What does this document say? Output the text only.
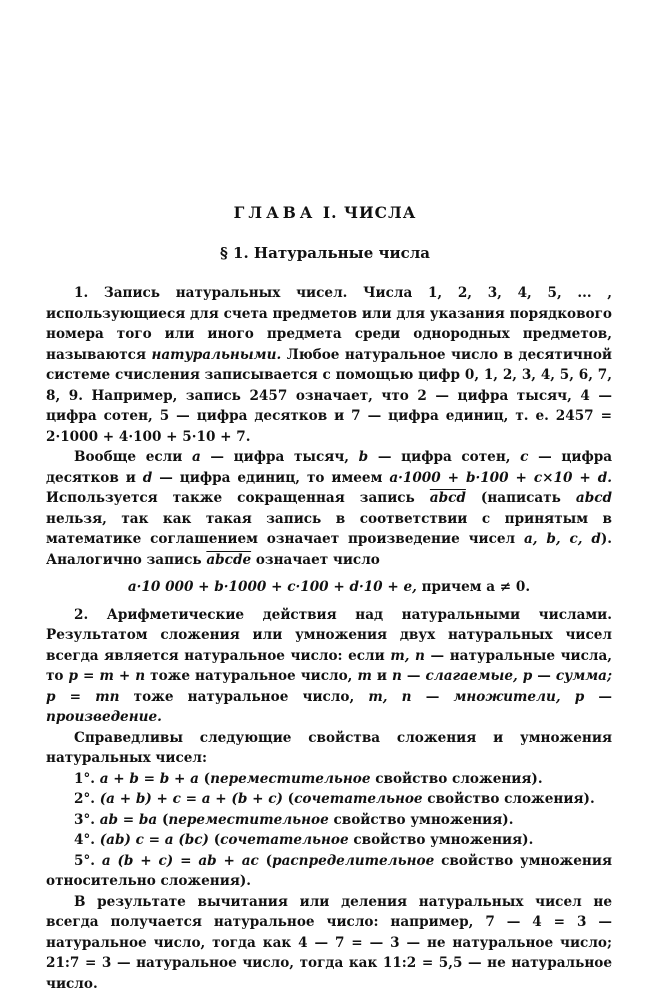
ГЛАВА I. ЧИСЛА
§ 1. Натуральные числа

1. Запись натуральных чисел. Числа 1, 2, 3, 4, 5, ... , использующиеся для счета предметов или для указания порядкового номера того или иного предмета среди однородных предметов, называются натуральными. Любое натуральное число в десятичной системе счисления записывается с помощью цифр 0, 1, 2, 3, 4, 5, 6, 7, 8, 9. Например, запись 2457 означает, что 2 — цифра тысяч, 4 — цифра сотен, 5 — цифра десятков и 7 — цифра единиц, т. е. 2457 = 2·1000 + 4·100 + 5·10 + 7.

Вообще если a — цифра тысяч, b — цифра сотен, c — цифра десятков и d — цифра единиц, то имеем a·1000 + b·100 + c×10 + d. Используется также сокращенная запись abcd (написать abcd нельзя, так как такая запись в соответствии с принятым в математике соглашением означает произведение чисел a, b, c, d). Аналогично запись abcde означает число

a·10 000 + b·1000 + c·100 + d·10 + e, причем a ≠ 0.

2. Арифметические действия над натуральными числами. Результатом сложения или умножения двух натуральных чисел всегда является натуральное число: если m, n — натуральные числа, то p = m + n тоже натуральное число, m и n — слагаемые, p — сумма; p = mn тоже натуральное число, m, n — множители, p — произведение.

Справедливы следующие свойства сложения и умножения натуральных чисел:

1°. a + b = b + a (переместительное свойство сложения).

2°. (a + b) + c = a + (b + c) (сочетательное свойство сложения).

3°. ab = ba (переместительное свойство умножения).

4°. (ab) c = a (bc) (сочетательное свойство умножения).

5°. a (b + c) = ab + ac (распределительное свойство умножения относительно сложения).

В результате вычитания или деления натуральных чисел не всегда получается натуральное число: например, 7 — 4 = 3 — натуральное число, тогда как 4 — 7 = — 3 — не натуральное число; 21:7 = 3 — натуральное число, тогда как 11:2 = 5,5 — не натуральное число.
